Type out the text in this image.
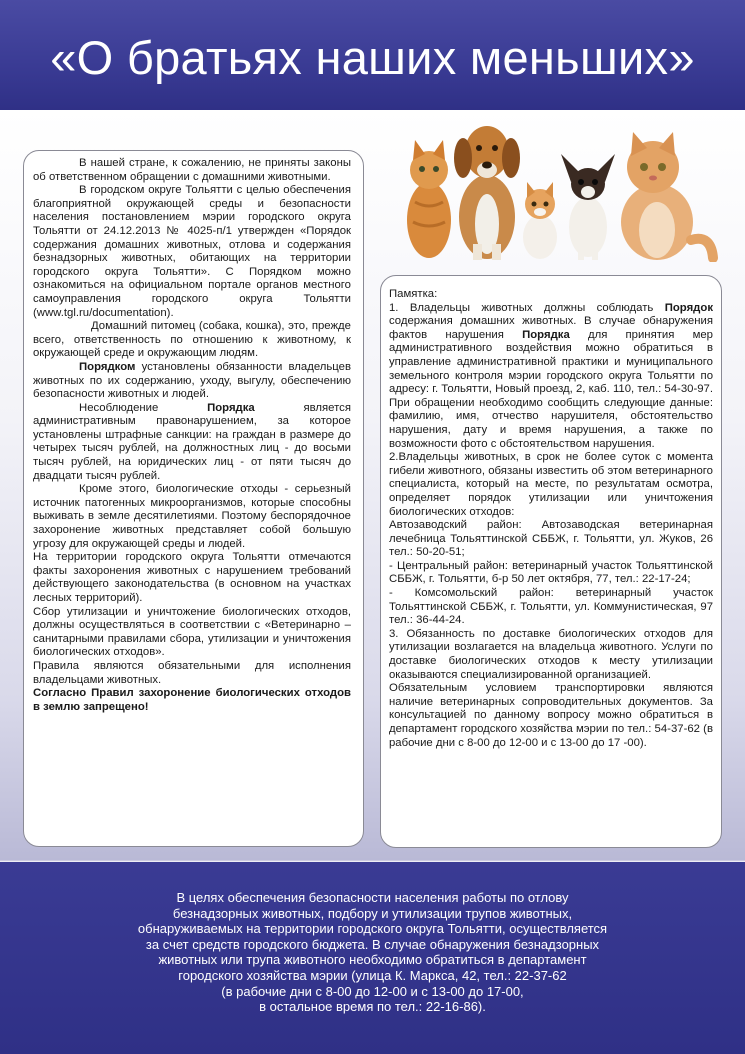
«О братьях наших меньших»

В нашей стране, к сожалению, не приняты законы об ответственном обращении с домашними животными.

В городском округе Тольятти с целью обеспечения благоприятной окружающей среды и безопасности населения постановлением мэрии городского округа Тольятти от 24.12.2013 № 4025-п/1 утвержден «Порядок содержания домашних животных, отлова и содержания безнадзорных животных, обитающих на территории городского округа Тольятти». С Порядком можно ознакомиться на официальном портале органов местного самоуправления городского округа Тольятти (www.tgl.ru/documentation).

Домашний питомец (собака, кошка), это, прежде всего, ответственность по отношению к животному, к окружающей среде и окружающим людям.

Порядком установлены обязанности владельцев животных по их содержанию, уходу, выгулу, обеспечению безопасности животных и людей.

Несоблюдение Порядка является административным правонарушением, за которое установлены штрафные санкции: на граждан в размере до четырех тысяч рублей, на должностных лиц - до восьми тысяч рублей, на юридических лиц - от пяти тысяч до двадцати тысяч рублей.

Кроме этого, биологические отходы - серьезный источник патогенных микроорганизмов, которые способны выживать в земле десятилетиями. Поэтому беспорядочное захоронение животных представляет собой большую угрозу для окружающей среды и людей.

На территории городского округа Тольятти отмечаются факты захоронения животных с нарушением требований действующего законодательства (в основном на участках лесных территорий).

Сбор утилизации и уничтожение биологических отходов, должны осуществляться в соответствии с «Ветеринарно – санитарными правилами сбора, утилизации и уничтожения биологических отходов».

Правила являются обязательными для исполнения владельцами животных.

Согласно Правил захоронение биологических отходов в землю запрещено!

Памятка:

1. Владельцы животных должны соблюдать Порядок содержания домашних животных. В случае обнаружения фактов нарушения Порядка для принятия мер административного воздействия можно обратиться в управление административной практики и муниципального земельного контроля мэрии городского округа Тольятти по адресу: г. Тольятти, Новый проезд, 2, каб. 110, тел.: 54-30-97. При обращении необходимо сообщить следующие данные: фамилию, имя, отчество нарушителя, обстоятельство нарушения, дату и время нарушения, а также по возможности фото с обстоятельством нарушения.

2.Владельцы животных, в срок не более суток с момента гибели животного, обязаны известить об этом ветеринарного специалиста, который на месте, по результатам осмотра, определяет порядок утилизации или уничтожения биологических отходов:

Автозаводский район: Автозаводская ветеринарная лечебница Тольяттинской СББЖ, г. Тольятти, ул. Жуков, 26 тел.: 50-20-51;

- Центральный район: ветеринарный участок Тольяттинской СББЖ, г. Тольятти, б-р 50 лет октября, 77, тел.: 22-17-24;

- Комсомольский район: ветеринарный участок Тольяттинской СББЖ, г. Тольятти, ул. Коммунистическая, 97 тел.: 36-44-24.

3. Обязанность по доставке биологических отходов для утилизации возлагается на владельца животного. Услуги по доставке биологических отходов к месту утилизации оказываются специализированной организацией.

Обязательным условием транспортировки являются наличие ветеринарных сопроводительных документов. За консультацией по данному вопросу можно обратиться в департамент городского хозяйства мэрии по тел.: 54-37-62 (в рабочие дни с 8-00 до 12-00 и с 13-00 до 17 -00).

В целях обеспечения безопасности населения работы по отлову
безнадзорных животных, подбору и утилизации трупов животных,
обнаруживаемых на территории городского округа Тольятти, осуществляется
за счет средств городского бюджета. В случае обнаружения безнадзорных
животных или трупа животного необходимо обратиться в департамент
городского хозяйства мэрии (улица К. Маркса, 42, тел.: 22-37-62
(в рабочие дни с 8-00 до 12-00 и с 13-00 до 17-00,
в остальное время по тел.: 22-16-86).
